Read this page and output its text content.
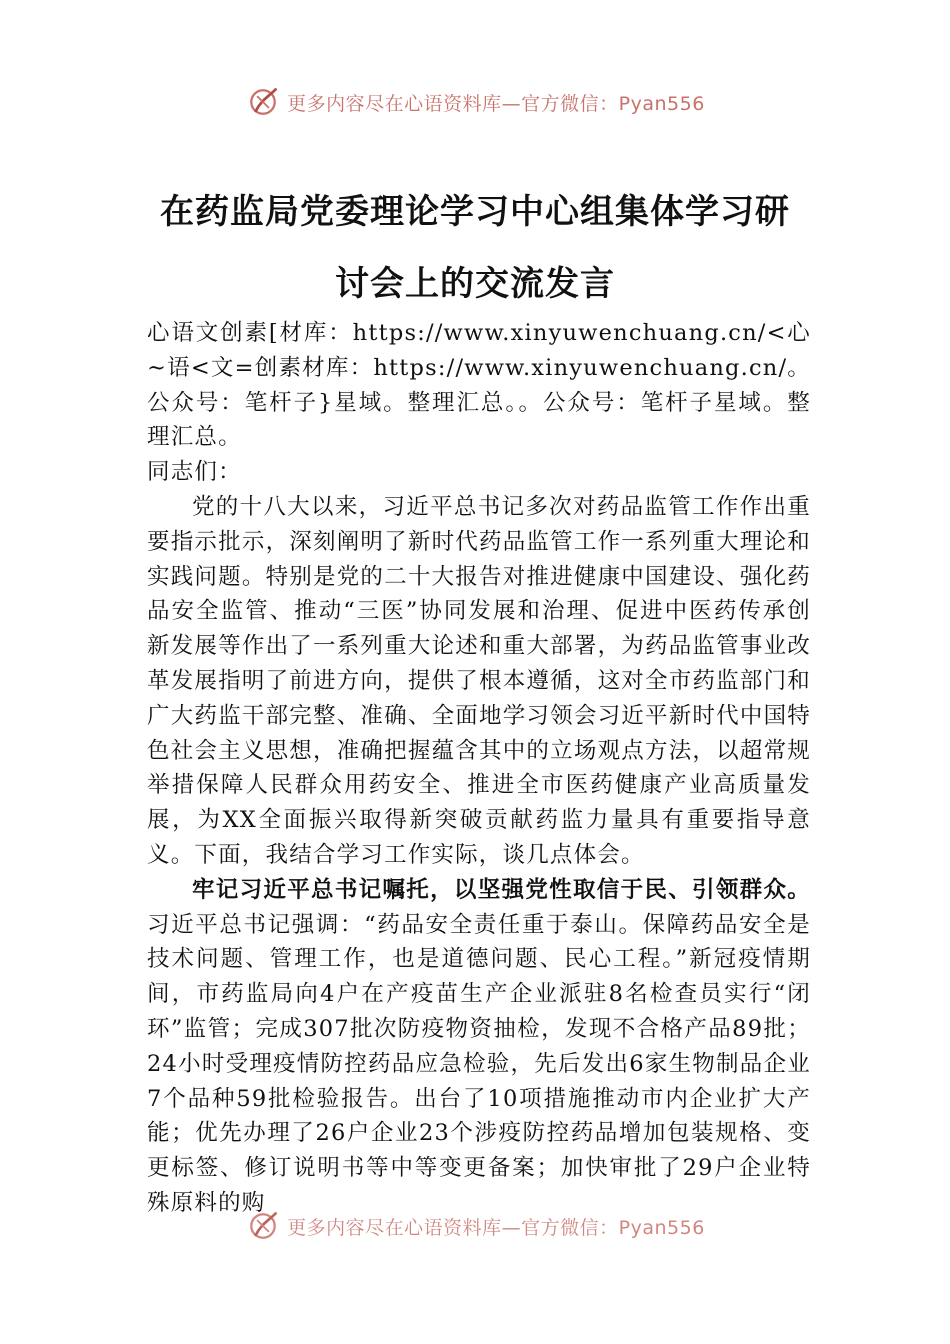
更多内容尽在心语资料库—官方微信：Pyan556
在药监局党委理论学习中心组集体学习研
讨会上的交流发言

心语文创素[材库：https://www.xinyuwenchuang.cn/<心~语<文=创素材库：https://www.xinyuwenchuang.cn/。公众号：笔杆子}星域。整理汇总。。公众号：笔杆子星域。整理汇总。

同志们：

党的十八大以来，习近平总书记多次对药品监管工作作出重要指示批示，深刻阐明了新时代药品监管工作一系列重大理论和实践问题。特别是党的二十大报告对推进健康中国建设、强化药品安全监管、推动“三医”协同发展和治理、促进中医药传承创新发展等作出了一系列重大论述和重大部署，为药品监管事业改革发展指明了前进方向，提供了根本遵循，这对全市药监部门和广大药监干部完整、准确、全面地学习领会习近平新时代中国特色社会主义思想，准确把握蕴含其中的立场观点方法，以超常规举措保障人民群众用药安全、推进全市医药健康产业高质量发展，为XX全面振兴取得新突破贡献药监力量具有重要指导意义。下面，我结合学习工作实际，谈几点体会。

牢记习近平总书记嘱托，以坚强党性取信于民、引领群众。习近平总书记强调：“药品安全责任重于泰山。保障药品安全是技术问题、管理工作，也是道德问题、民心工程。”新冠疫情期间，市药监局向4户在产疫苗生产企业派驻8名检查员实行“闭环”监管；完成307批次防疫物资抽检，发现不合格产品89批；24小时受理疫情防控药品应急检验，先后发出6家生物制品企业7个品种59批检验报告。出台了10项措施推动市内企业扩大产能；优先办理了26户企业23个涉疫防控药品增加包装规格、变更标签、修订说明书等中等变更备案；加快审批了29户企业特殊原料的购

更多内容尽在心语资料库—官方微信：Pyan556
